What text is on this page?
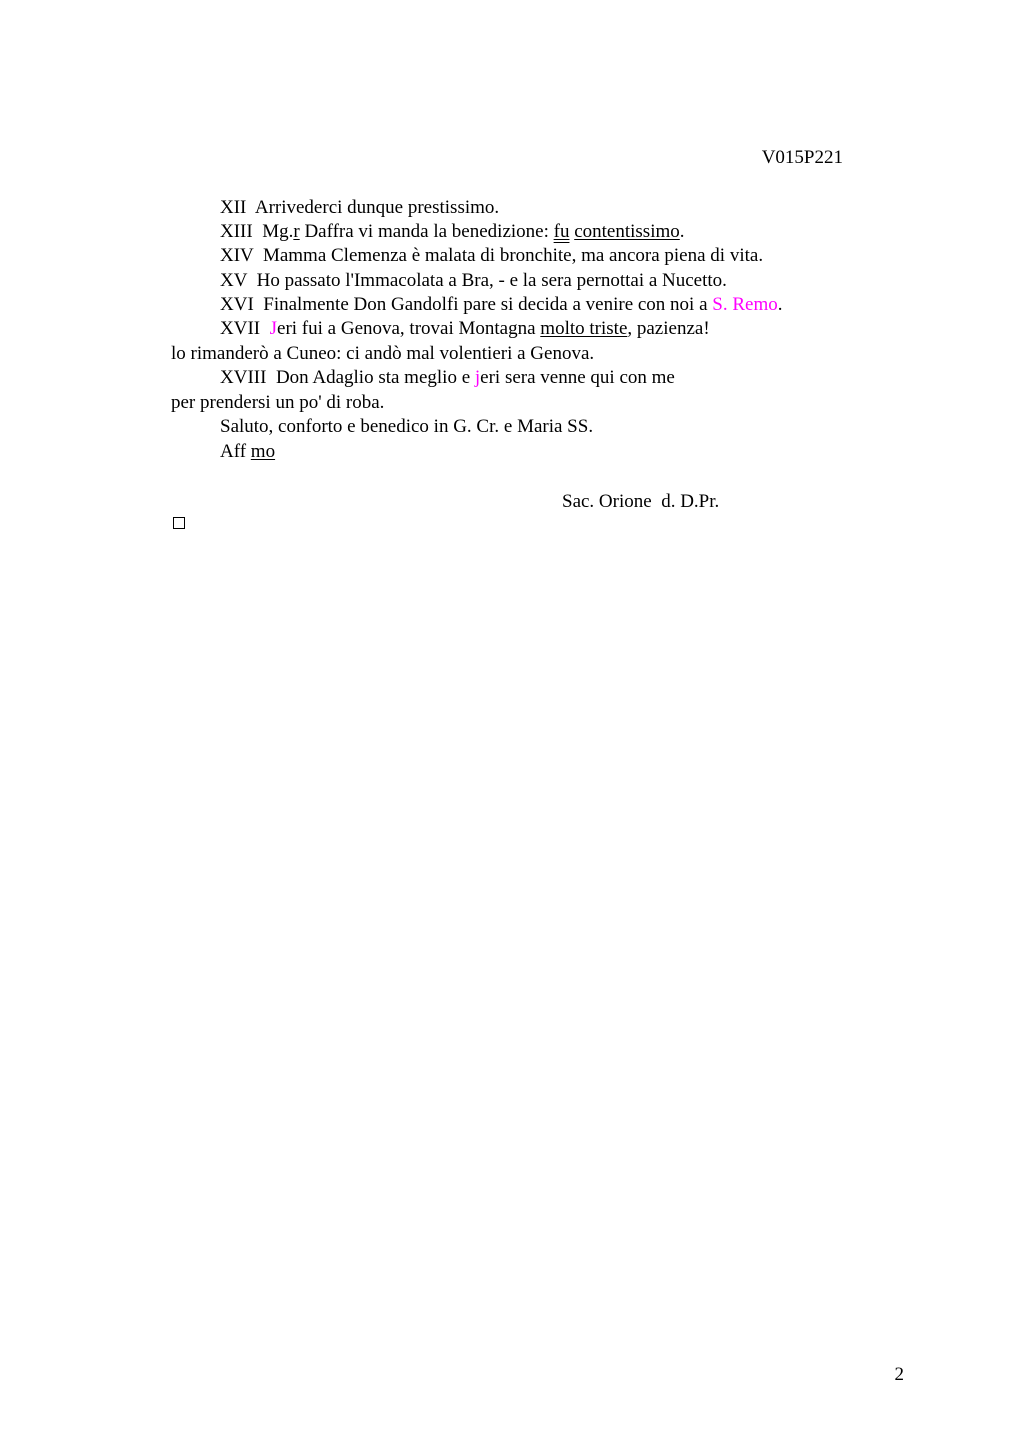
V015P221
XII Arrivederci dunque prestissimo.
XIII Mg.r Daffra vi manda la benedizione: fu contentissimo.
XIV Mamma Clemenza è malata di bronchite, ma ancora piena di vita.
XV Ho passato l'Immacolata a Bra, - e la sera pernottai a Nucetto.
XVI Finalmente Don Gandolfi pare si decida a venire con noi a S. Remo.
XVII Jeri fui a Genova, trovai Montagna molto triste, pazienza!
lo rimanderò a Cuneo: ci andò mal volentieri a Genova.
XVIII Don Adaglio sta meglio e jeri sera venne qui con me
per prendersi un po' di roba.
Saluto, conforto e benedico in G. Cr. e Maria SS.
Aff mo
Sac. Orione  d. D.Pr.
2
